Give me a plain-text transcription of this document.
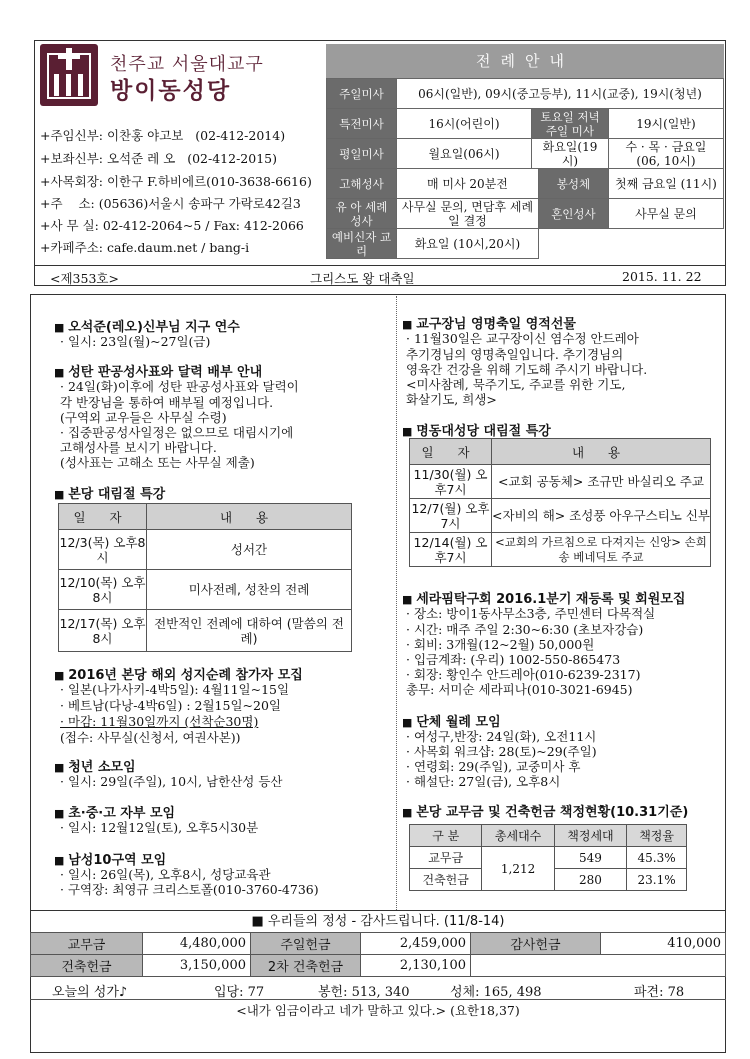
천주교 서울대교구
방이동성당
+주임신부: 이찬홍 야고보   (02-412-2014)
+보좌신부: 오석준 레 오   (02-412-2015)
+사목회장: 이한구 F.하비에르(010-3638-6616)
+주    소: (05636)서울시 송파구 가락로42길3
+사 무 실: 02-412-2064~5 / Fax: 412-2066
+카페주소: cafe.daum.net / bang-i
전례안내
주일미사	06시(일반), 09시(중고등부), 11시(교중), 19시(청년)			
특전미사	16시(어린이)	토요일 저녁 주일 미사		19시(일반)
평일미사	월요일(06시)	화요일(19시)		수 · 목 · 금요일 (06, 10시)
고해성사	매 미사 20분전		봉성체	첫째 금요일 (11시)
유 아 세례성사	사무실 문의, 면담후 세례일 결정		혼인성사	사무실 문의
예비신자 교 리	화요일 (10시,20시)			
<제353호>	그리스도 왕 대축일	2015. 11. 22
■ 오석준(레오)신부님 지구 연수
· 일시: 23일(월)~27일(금)
■ 성탄 판공성사표와 달력 배부 안내
· 24일(화)이후에 성탄 판공성사표와 달력이
각 반장님을 통하여 배부될 예정입니다.
(구역외 교우들은 사무실 수령)
· 집중판공성사일정은 없으므로 대림시기에
고해성사를 보시기 바랍니다.
(성사표는 고해소 또는 사무실 제출)
■ 본당 대림절 특강
일 자	내 용
12/3(목) 오후8시	성서간
12/10(목) 오후8시	미사전례, 성찬의 전례
12/17(목) 오후8시	전반적인 전례에 대하여 (말씀의 전례)
■ 2016년 본당 해외 성지순례 참가자 모집
· 일본(나가사키-4박5일): 4월11일~15일
· 베트남(다낭-4박6일) : 2월15일~20일
· 마감: 11월30일까지 (선착순30명)
(접수: 사무실(신청서, 여권사본))
■ 청년 소모임
· 일시: 29일(주일), 10시, 남한산성 등산
■ 초·중·고 자부 모임
· 일시: 12월12일(토), 오후5시30분
■ 남성10구역 모임
· 일시: 26일(목), 오후8시, 성당교육관
· 구역장: 최영규 크리스토폴(010-3760-4736)
■ 교구장님 영명축일 영적선물
· 11월30일은 교구장이신 염수정 안드레아
추기경님의 영명축일입니다. 추기경님의
영육간 건강을 위해 기도해 주시기 바랍니다.
<미사참례, 묵주기도, 주교를 위한 기도,
화살기도, 희생>
■ 명동대성당 대림절 특강
일 자	내 용
11/30(월) 오후7시	<교회 공동체> 조규만 바실리오 주교
12/7(월) 오후7시	<자비의 해> 조성풍 아우구스티노 신부
12/14(월) 오후7시	<교회의 가르침으로 다져지는 신앙> 손희송 베네딕토 주교
■ 세라핌탁구회 2016.1분기 재등록 및 회원모집
· 장소: 방이1동사무소3층, 주민센터 다목적실
· 시간: 매주 주일 2:30~6:30 (초보자강습)
· 회비: 3개월(12~2월) 50,000원
· 입금계좌: (우리) 1002-550-865473
· 회장: 황인수 안드레아(010-6239-2317)
총무: 서미순 세라피나(010-3021-6945)
■ 단체 월례 모임
· 여성구,반장: 24일(화), 오전11시
· 사목회 워크샵: 28(토)~29(주일)
· 연령회: 29(주일), 교중미사 후
· 해설단: 27일(금), 오후8시
■ 본당 교무금 및 건축헌금 책정현황(10.31기준)
구 분	총세대수	책정세대	책정율
교무금	1,212	549	45.3%
건축헌금		280	23.1%
■ 우리들의 정성 - 감사드립니다. (11/8-14)
교무금	4,480,000	주일헌금	2,459,000	감사헌금	410,000
건축헌금	3,150,000	2차 건축헌금	2,130,100		
오늘의 성가♪	입당: 77	봉헌: 513, 340	성체: 165, 498	파견: 78
<내가 임금이라고 네가 말하고 있다.> (요한18,37)
